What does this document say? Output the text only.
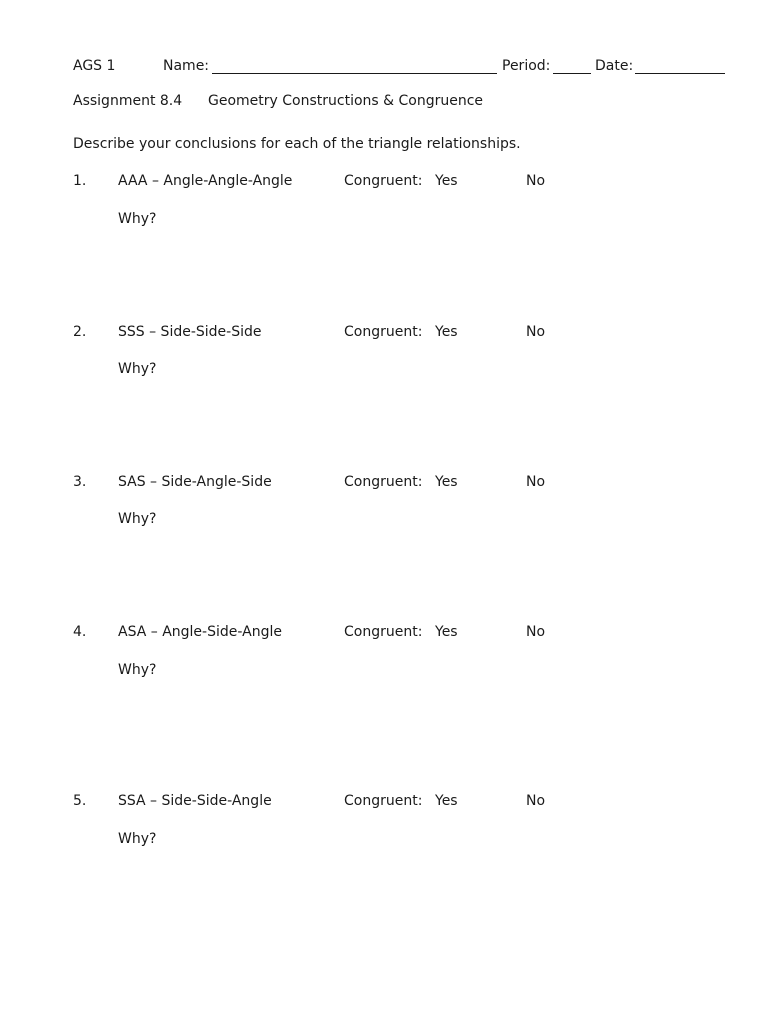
AGS 1	Name:	Period:	Date:
Assignment 8.4 Geometry Constructions & Congruence
Describe your conclusions for each of the triangle relationships.
1. AAA – Angle-Angle-Angle	Congruent: Yes	No
Why?
2. SSS – Side-Side-Side	Congruent: Yes	No
Why?
3. SAS – Side-Angle-Side	Congruent: Yes	No
Why?
4. ASA – Angle-Side-Angle	Congruent: Yes	No
Why?
5. SSA – Side-Side-Angle	Congruent: Yes	No
Why?
